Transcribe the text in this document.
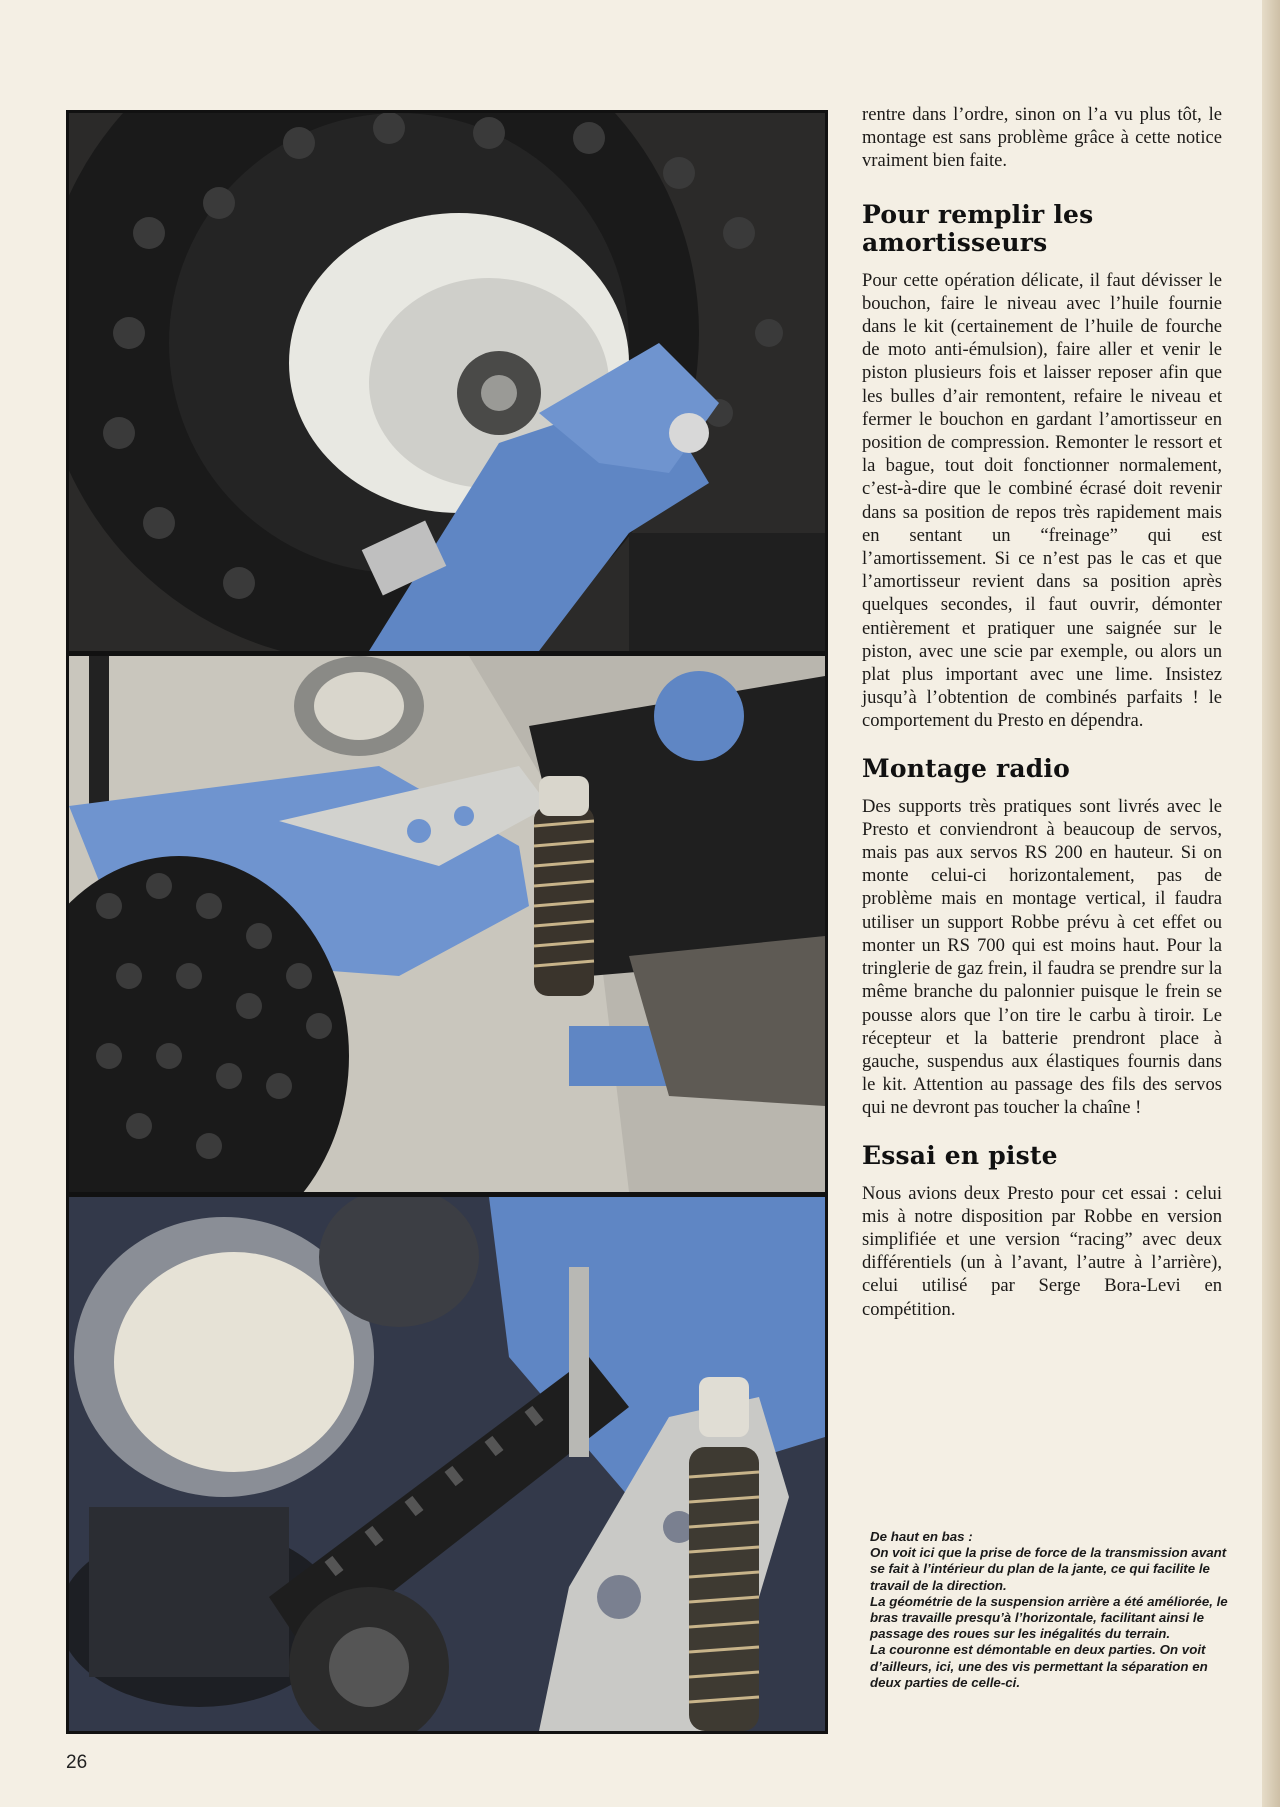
rentre dans l’ordre, sinon on l’a vu plus tôt, le montage est sans problème grâce à cette notice vraiment bien faite.

Pour remplir les amortisseurs

Pour cette opération délicate, il faut dévisser le bouchon, faire le niveau avec l’huile fournie dans le kit (certainement de l’huile de fourche de moto anti-émulsion), faire aller et venir le piston plusieurs fois et laisser reposer afin que les bulles d’air remontent, refaire le niveau et fermer le bouchon en gardant l’amortisseur en position de compression. Remonter le ressort et la bague, tout doit fonctionner normalement, c’est-à-dire que le combiné écrasé doit revenir dans sa position de repos très rapidement mais en sentant un “freinage” qui est l’amortissement. Si ce n’est pas le cas et que l’amortisseur revient dans sa position après quelques secondes, il faut ouvrir, démonter entièrement et pratiquer une saignée sur le piston, avec une scie par exemple, ou alors un plat plus important avec une lime. Insistez jusqu’à l’obtention de combinés parfaits ! le comportement du Presto en dépendra.

Montage radio

Des supports très pratiques sont livrés avec le Presto et conviendront à beaucoup de servos, mais pas aux servos RS 200 en hauteur. Si on monte celui-ci horizontalement, pas de problème mais en montage vertical, il faudra utiliser un support Robbe prévu à cet effet ou monter un RS 700 qui est moins haut. Pour la tringlerie de gaz frein, il faudra se prendre sur la même branche du palonnier puisque le frein se pousse alors que l’on tire le carbu à tiroir. Le récepteur et la batterie prendront place à gauche, suspendus aux élastiques fournis dans le kit. Attention au passage des fils des servos qui ne devront pas toucher la chaîne !

Essai en piste

Nous avions deux Presto pour cet essai : celui mis à notre disposition par Robbe en version simplifiée et une version “racing” avec deux différentiels (un à l’avant, l’autre à l’arrière), celui utilisé par Serge Bora-Levi en compétition.

De haut en bas :
On voit ici que la prise de force de la transmission avant se fait à l’intérieur du plan de la jante, ce qui facilite le travail de la direction.
La géométrie de la suspension arrière a été améliorée, le bras travaille presqu’à l’horizontale, facilitant ainsi le passage des roues sur les inégalités du terrain.
La couronne est démontable en deux parties. On voit d’ailleurs, ici, une des vis permettant la séparation en deux parties de celle-ci.
26
